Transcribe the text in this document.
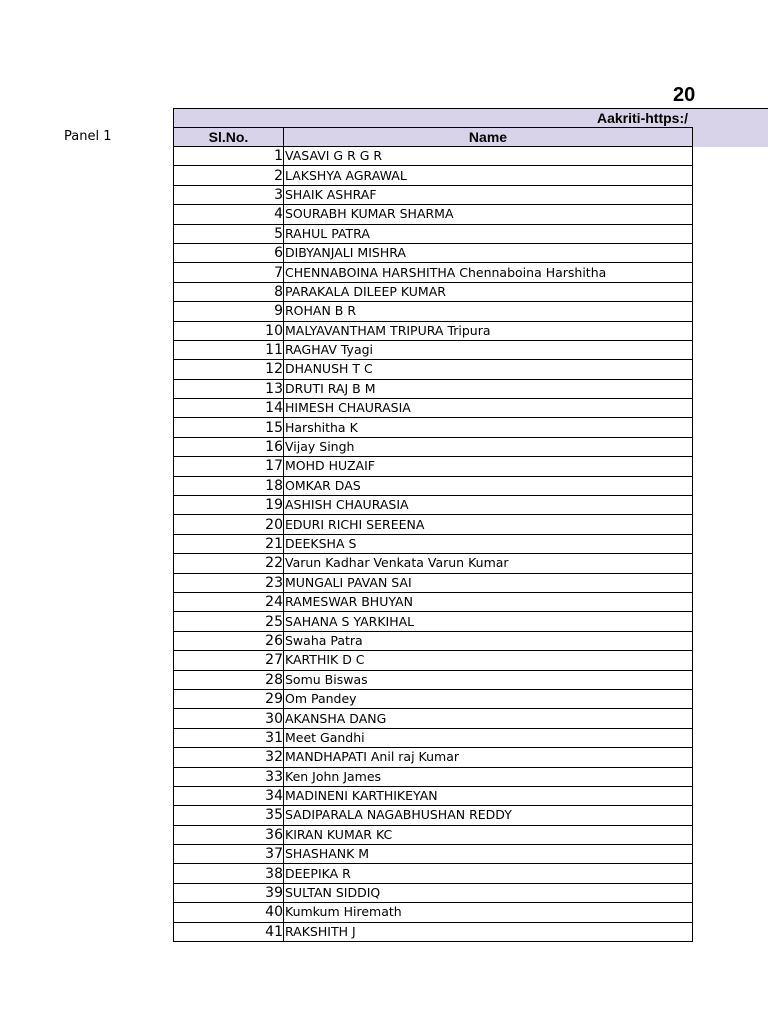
20
Aakriti-https:/
Panel 1	Sl.No.	Name
1	VASAVI G R G R
2	LAKSHYA AGRAWAL
3	SHAIK ASHRAF
4	SOURABH KUMAR SHARMA
5	RAHUL PATRA
6	DIBYANJALI MISHRA
7	CHENNABOINA HARSHITHA Chennaboina Harshitha
8	PARAKALA DILEEP KUMAR
9	ROHAN B R
10	MALYAVANTHAM TRIPURA Tripura
11	RAGHAV Tyagi
12	DHANUSH T C
13	DRUTI RAJ B M
14	HIMESH CHAURASIA
15	Harshitha K
16	Vijay Singh
17	MOHD HUZAIF
18	OMKAR DAS
19	ASHISH CHAURASIA
20	EDURI RICHI SEREENA
21	DEEKSHA S
22	Varun Kadhar Venkata Varun Kumar
23	MUNGALI PAVAN SAI
24	RAMESWAR BHUYAN
25	SAHANA S YARKIHAL
26	Swaha Patra
27	KARTHIK D C
28	Somu Biswas
29	Om Pandey
30	AKANSHA DANG
31	Meet Gandhi
32	MANDHAPATI Anil raj Kumar
33	Ken John James
34	MADINENI KARTHIKEYAN
35	SADIPARALA NAGABHUSHAN REDDY
36	KIRAN KUMAR KC
37	SHASHANK M
38	DEEPIKA R
39	SULTAN SIDDIQ
40	Kumkum Hiremath
41	RAKSHITH J
